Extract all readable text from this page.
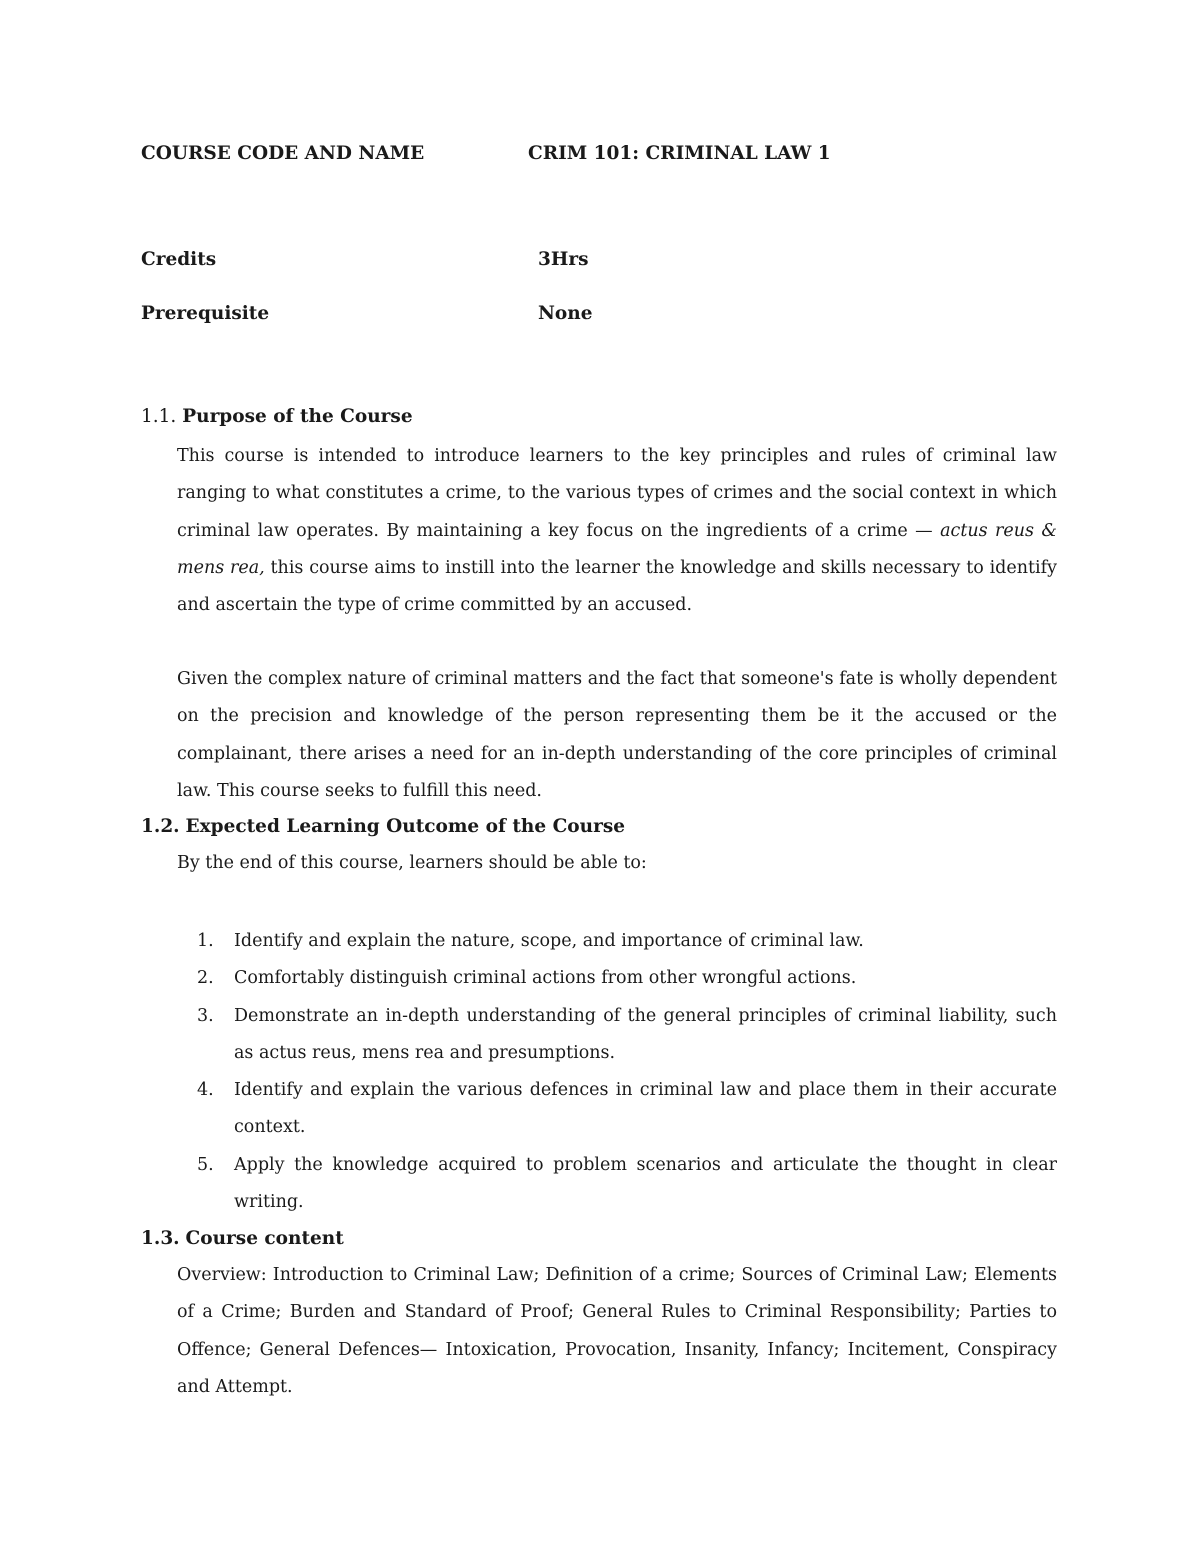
COURSE CODE AND NAME	CRIM 101: CRIMINAL LAW 1
Credits	3Hrs
Prerequisite	None
1.1. Purpose of the Course

This course is intended to introduce learners to the key principles and rules of criminal law ranging to what constitutes a crime, to the various types of crimes and the social context in which criminal law operates. By maintaining a key focus on the ingredients of a crime — actus reus & mens rea, this course aims to instill into the learner the knowledge and skills necessary to identify and ascertain the type of crime committed by an accused.

Given the complex nature of criminal matters and the fact that someone's fate is wholly dependent on the precision and knowledge of the person representing them be it the accused or the complainant, there arises a need for an in-depth understanding of the core principles of criminal law. This course seeks to fulfill this need.

1.2. Expected Learning Outcome of the Course

By the end of this course, learners should be able to:

1. Identify and explain the nature, scope, and importance of criminal law.
2. Comfortably distinguish criminal actions from other wrongful actions.
3. Demonstrate an in-depth understanding of the general principles of criminal liability, such as actus reus, mens rea and presumptions.
4. Identify and explain the various defences in criminal law and place them in their accurate context.
5. Apply the knowledge acquired to problem scenarios and articulate the thought in clear writing.
1.3. Course content

Overview: Introduction to Criminal Law; Definition of a crime; Sources of Criminal Law; Elements of a Crime; Burden and Standard of Proof; General Rules to Criminal Responsibility; Parties to Offence; General Defences— Intoxication, Provocation, Insanity, Infancy; Incitement, Conspiracy and Attempt.
